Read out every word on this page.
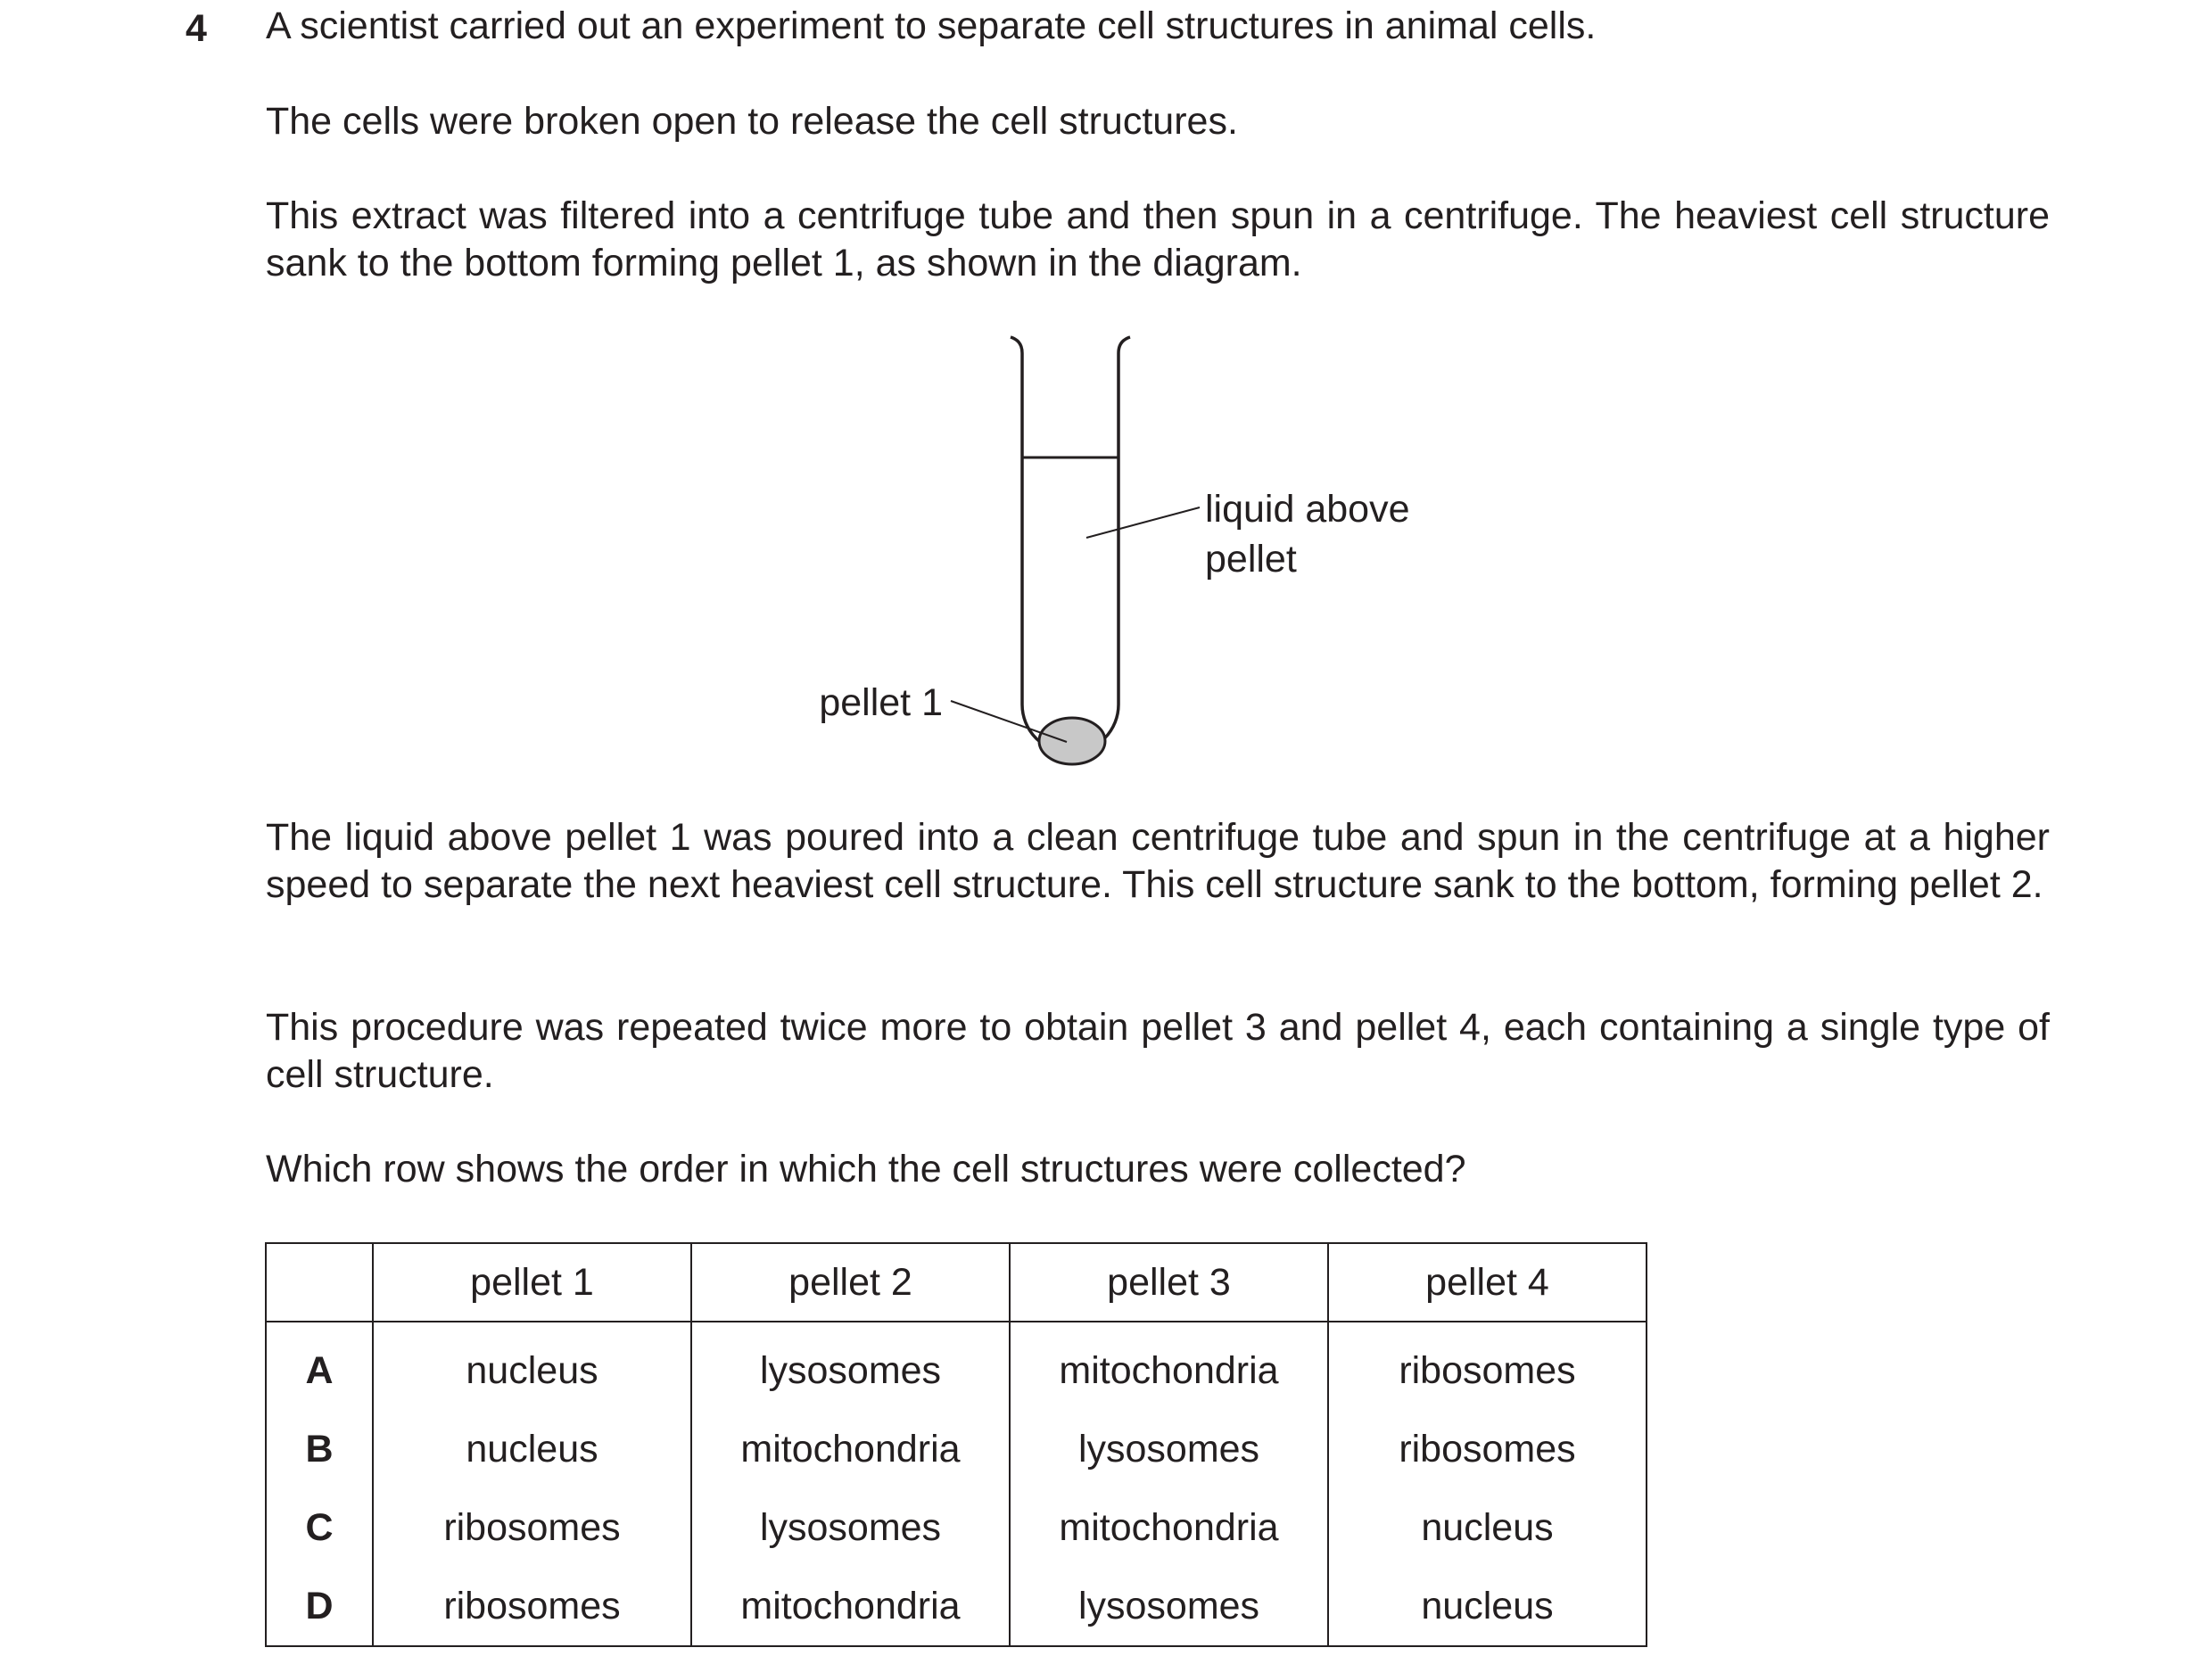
4 A scientist carried out an experiment to separate cell structures in animal cells.
The cells were broken open to release the cell structures.
This extract was filtered into a centrifuge tube and then spun in a centrifuge. The heaviest cell structure sank to the bottom forming pellet 1, as shown in the diagram.
liquid above
pellet
pellet 1
The liquid above pellet 1 was poured into a clean centrifuge tube and spun in the centrifuge at a higher speed to separate the next heaviest cell structure. This cell structure sank to the bottom, forming pellet 2.
This procedure was repeated twice more to obtain pellet 3 and pellet 4, each containing a single type of cell structure.
Which row shows the order in which the cell structures were collected?
	pellet 1	pellet 2	pellet 3	pellet 4
A	nucleus	lysosomes	mitochondria	ribosomes
B	nucleus	mitochondria	lysosomes	ribosomes
C	ribosomes	lysosomes	mitochondria	nucleus
D	ribosomes	mitochondria	lysosomes	nucleus
